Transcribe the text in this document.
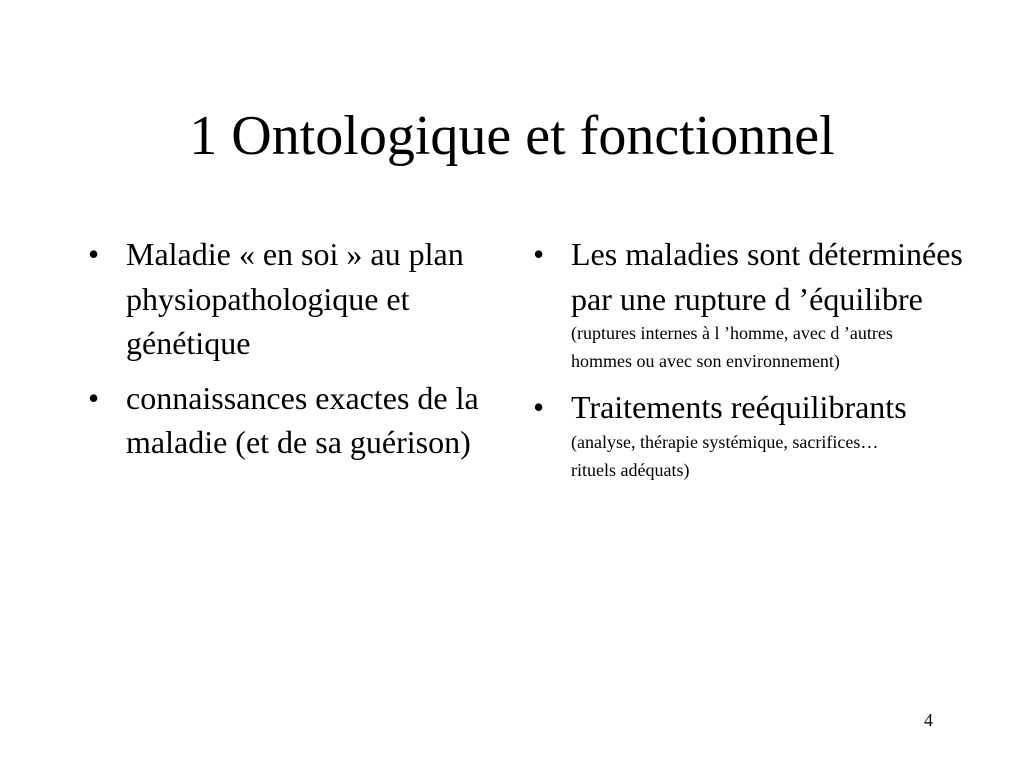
1 Ontologique et fonctionnel
• Maladie « en soi » au plan physiopathologique et génétique
• connaissances exactes de la maladie (et de sa guérison)
• Les maladies sont déterminées par une rupture d ’équilibre
(ruptures internes à l ’homme, avec d ’autres hommes ou avec son environnement)
• Traitements reéquilibrants
(analyse, thérapie systémique, sacrifices…rituels adéquats)
4
